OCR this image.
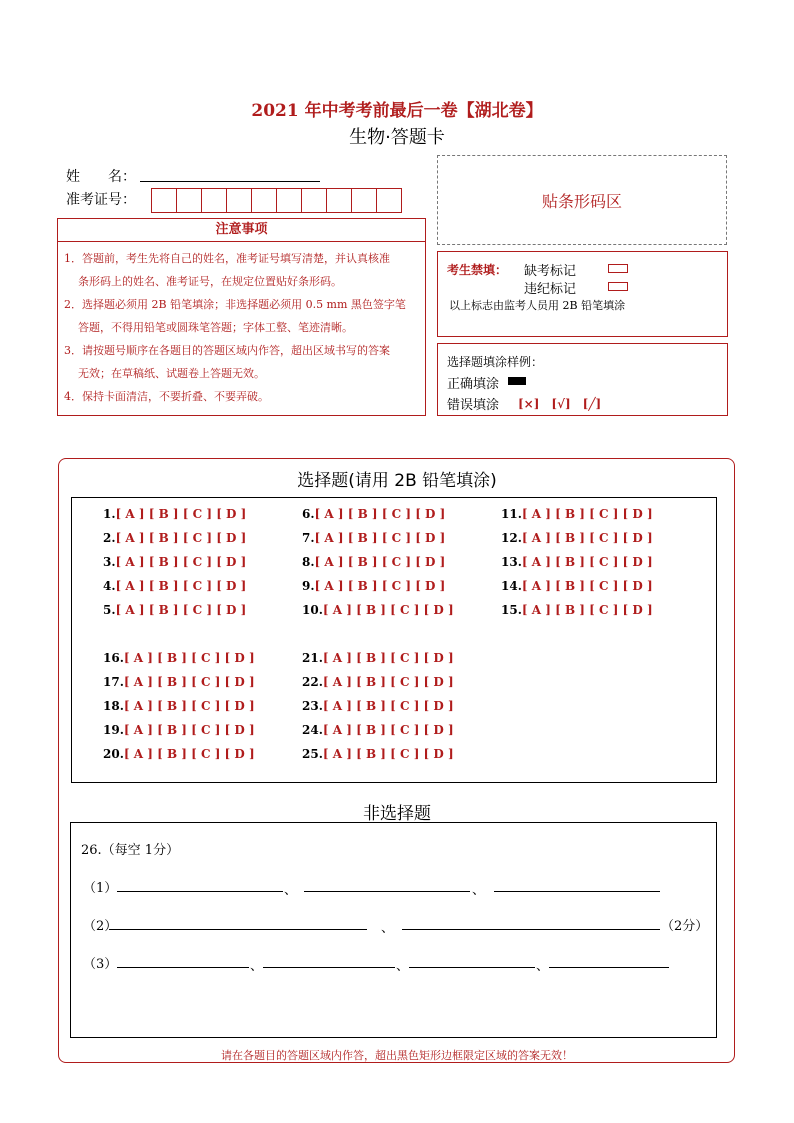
2021 年中考考前最后一卷【湖北卷】
生物·答题卡
姓　　名：
准考证号：	贴条形码区
注意事项

1．答题前，考生先将自己的姓名，准考证号填写清楚，并认真核准

条形码上的姓名、准考证号，在规定位置贴好条形码。

2．选择题必须用 2B 铅笔填涂；非选择题必须用 0.5 mm 黑色签字笔

答题，不得用铅笔或圆珠笔答题；字体工整、笔迹清晰。

3．请按题号顺序在各题目的答题区域内作答，超出区域书写的答案

无效；在草稿纸、试题卷上答题无效。

4．保持卡面清洁，不要折叠、不要弄破。

考生禁填： 缺考标记
违纪标记
以上标志由监考人员用 2B 铅笔填涂
选择题填涂样例：
正确填涂
错误填涂 [×]　[√]　[╱]
选择题(请用 2B 铅笔填涂)
1.[ A ] [ B ] [ C ] [ D ]
2.[ A ] [ B ] [ C ] [ D ]
3.[ A ] [ B ] [ C ] [ D ]
4.[ A ] [ B ] [ C ] [ D ]
5.[ A ] [ B ] [ C ] [ D ]
6.[ A ] [ B ] [ C ] [ D ]
7.[ A ] [ B ] [ C ] [ D ]
8.[ A ] [ B ] [ C ] [ D ]
9.[ A ] [ B ] [ C ] [ D ]
10.[ A ] [ B ] [ C ] [ D ]
11.[ A ] [ B ] [ C ] [ D ]
12.[ A ] [ B ] [ C ] [ D ]
13.[ A ] [ B ] [ C ] [ D ]
14.[ A ] [ B ] [ C ] [ D ]
15.[ A ] [ B ] [ C ] [ D ]
16.[ A ] [ B ] [ C ] [ D ]
17.[ A ] [ B ] [ C ] [ D ]
18.[ A ] [ B ] [ C ] [ D ]
19.[ A ] [ B ] [ C ] [ D ]
20.[ A ] [ B ] [ C ] [ D ]
21.[ A ] [ B ] [ C ] [ D ]
22.[ A ] [ B ] [ C ] [ D ]
23.[ A ] [ B ] [ C ] [ D ]
24.[ A ] [ B ] [ C ] [ D ]
25.[ A ] [ B ] [ C ] [ D ]
非选择题
26.（每空 1分）
（1）	、	、
（2）	、	（2分）
（3）	、	、	、
请在各题目的答题区域内作答，超出黑色矩形边框限定区域的答案无效！
